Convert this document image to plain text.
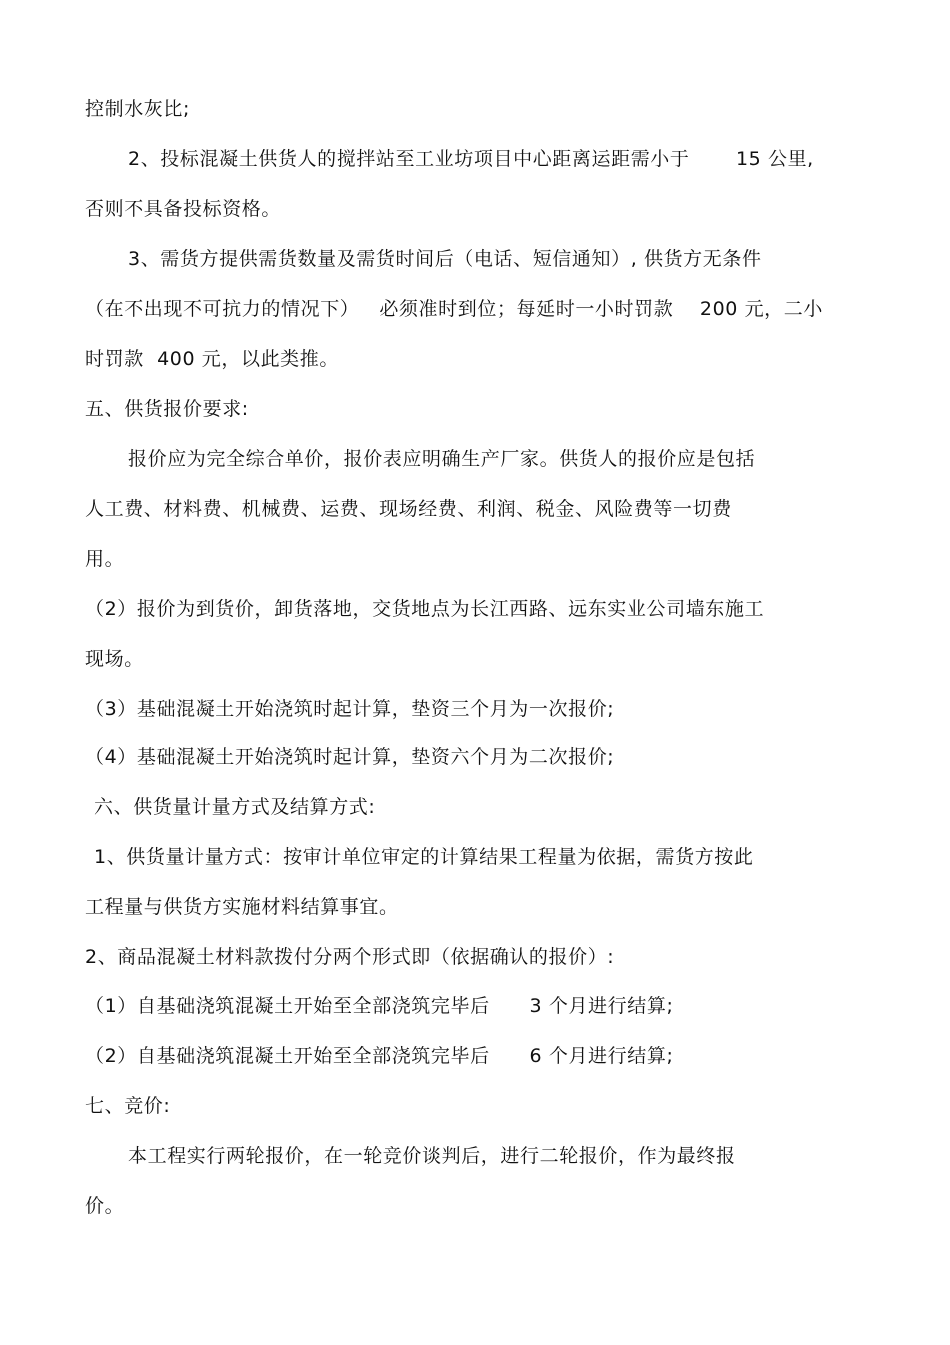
控制水灰比;
2、投标混凝土供货人的搅拌站至工业坊项目中心距离运距需小于       15 公里,
否则不具备投标资格。
3、需货方提供需货数量及需货时间后（电话、短信通知）, 供货方无条件
（在不出现不可抗力的情况下）   必须准时到位；每延时一小时罚款    200 元，二小
时罚款  400 元，以此类推。
五、供货报价要求:
报价应为完全综合单价，报价表应明确生产厂家。供货人的报价应是包括
人工费、材料费、机械费、运费、现场经费、利润、税金、风险费等一切费
用。
（2）报价为到货价，卸货落地，交货地点为长江西路、远东实业公司墙东施工
现场。
（3）基础混凝土开始浇筑时起计算，垫资三个月为一次报价;
（4）基础混凝土开始浇筑时起计算，垫资六个月为二次报价;
六、供货量计量方式及结算方式:
1、供货量计量方式：按审计单位审定的计算结果工程量为依据，需货方按此
工程量与供货方实施材料结算事宜。
2、商品混凝土材料款拨付分两个形式即（依据确认的报价）:
（1）自基础浇筑混凝土开始至全部浇筑完毕后      3 个月进行结算;
（2）自基础浇筑混凝土开始至全部浇筑完毕后      6 个月进行结算;
七、竞价:
本工程实行两轮报价，在一轮竞价谈判后，进行二轮报价，作为最终报
价。
